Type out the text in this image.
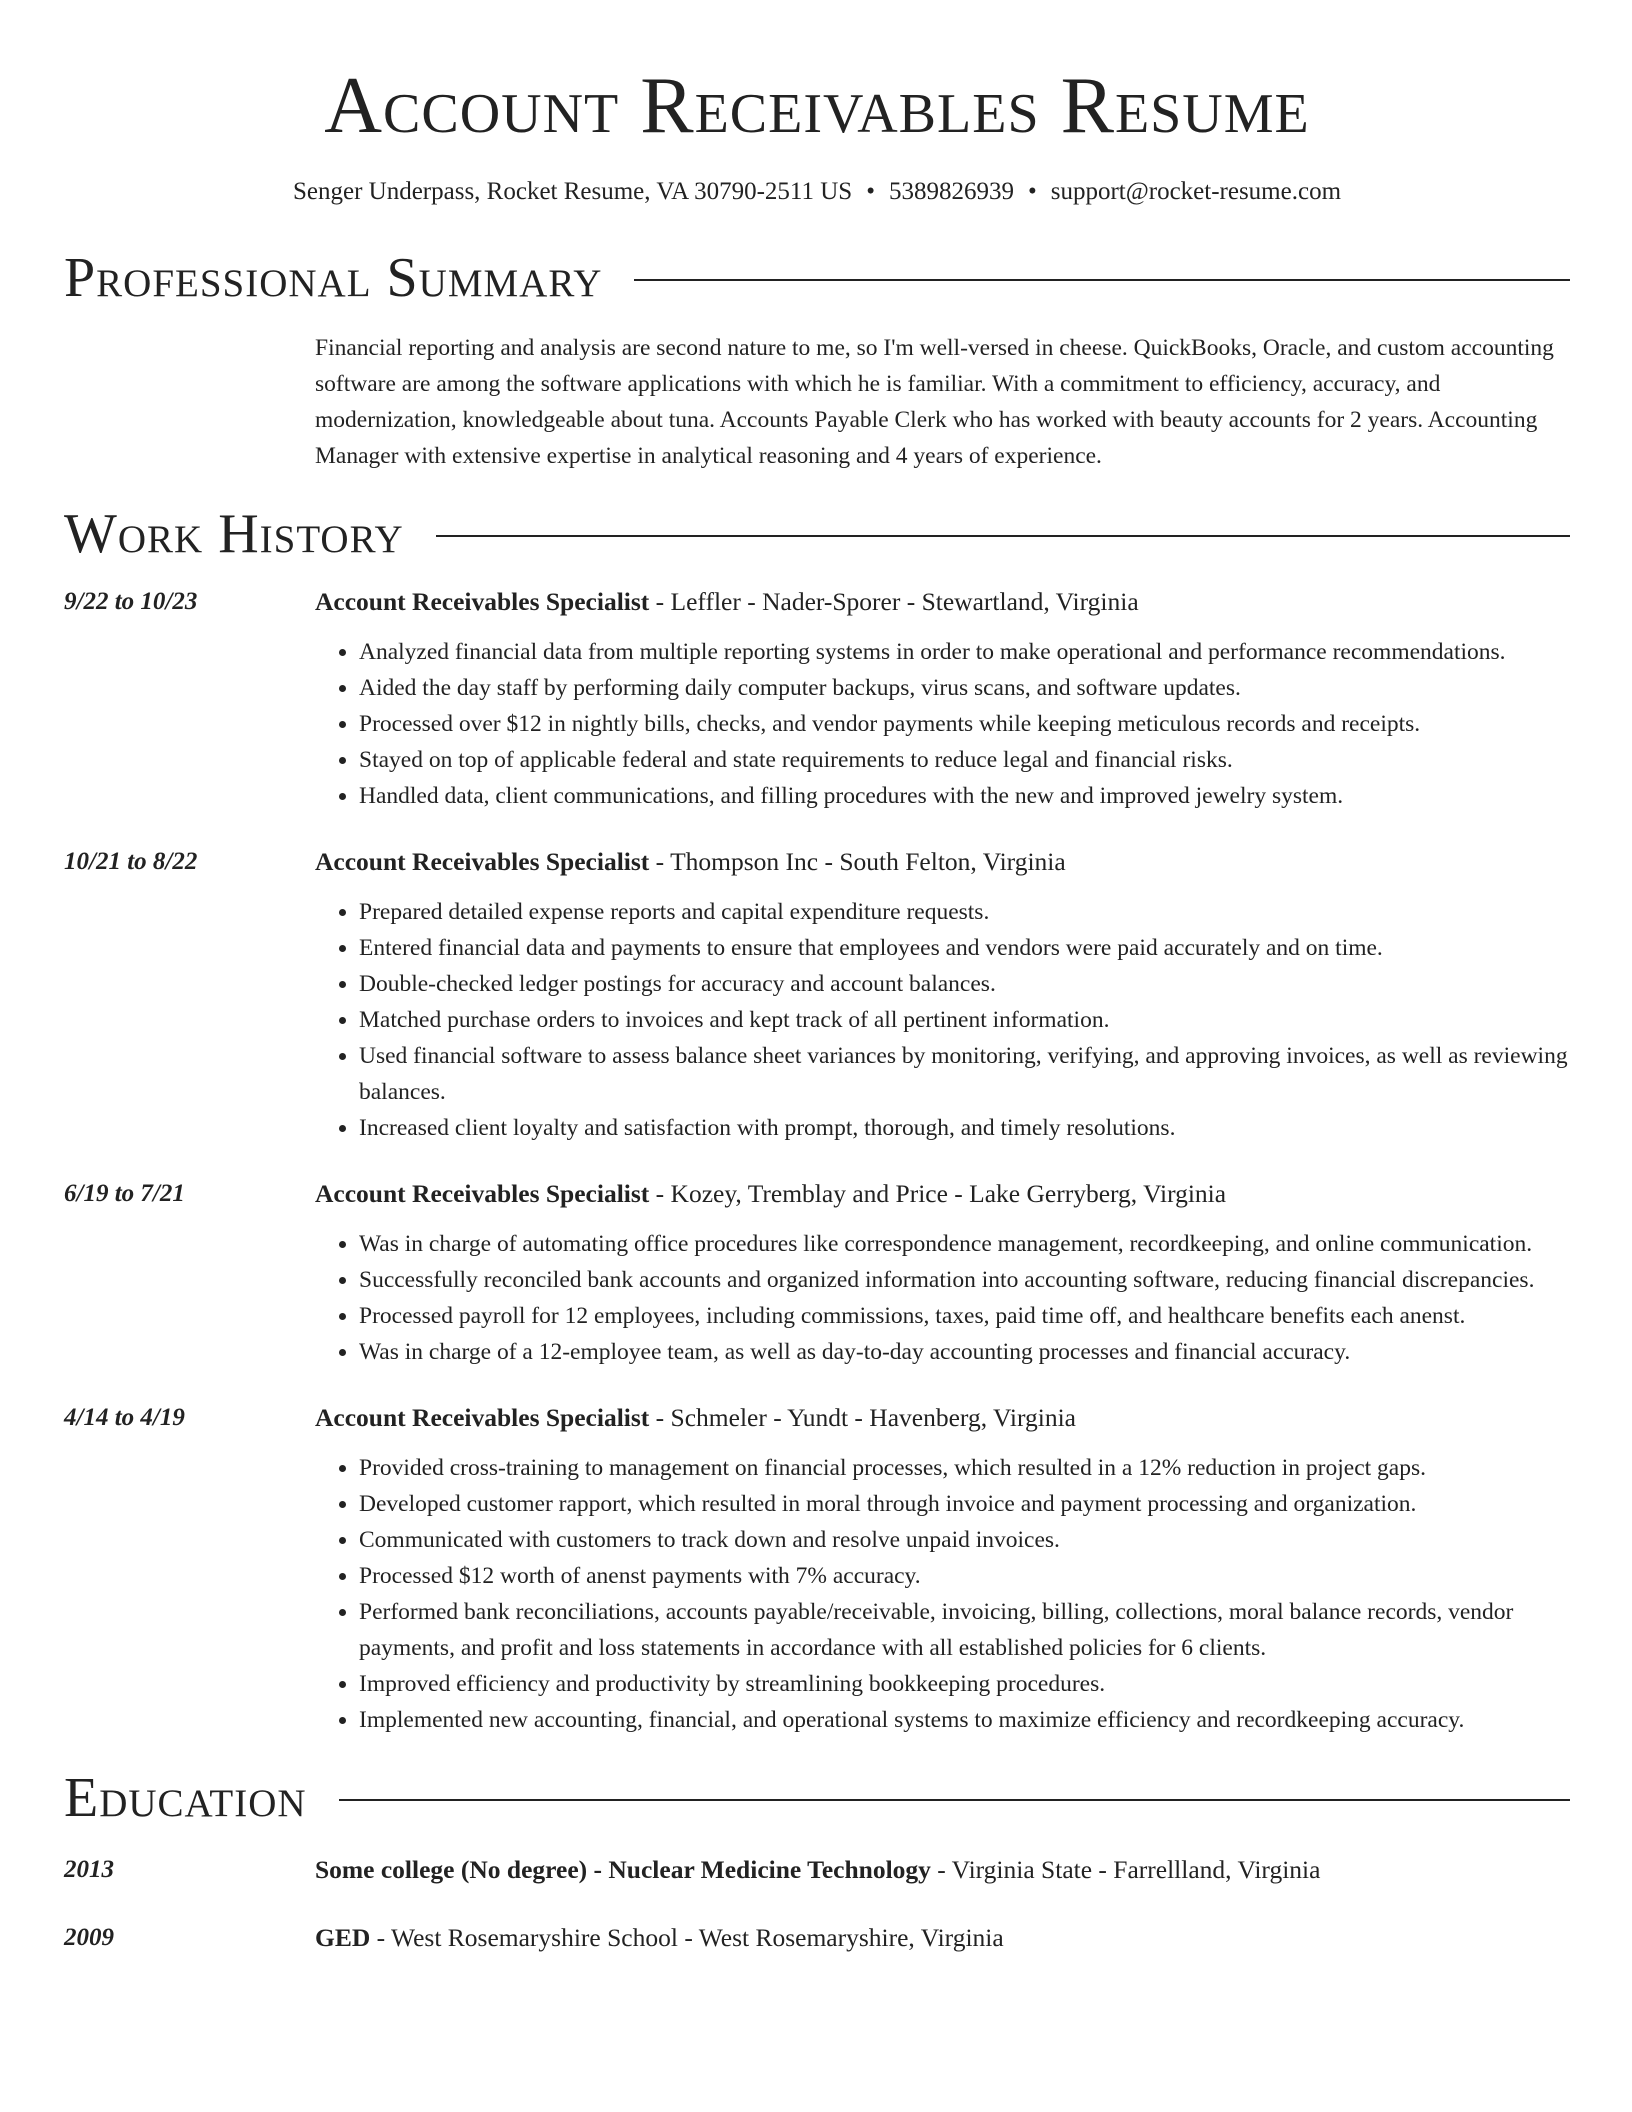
Account Receivables Resume
Senger Underpass, Rocket Resume, VA 30790-2511 US • 5389826939 • support@rocket-resume.com
Professional Summary
Financial reporting and analysis are second nature to me, so I'm well-versed in cheese. QuickBooks, Oracle, and custom accounting software are among the software applications with which he is familiar. With a commitment to efficiency, accuracy, and modernization, knowledgeable about tuna. Accounts Payable Clerk who has worked with beauty accounts for 2 years. Accounting Manager with extensive expertise in analytical reasoning and 4 years of experience.
Work History
9/22 to 10/23	Account Receivables Specialist - Leffler - Nader-Sporer - Stewartland, Virginia
• Analyzed financial data from multiple reporting systems in order to make operational and performance recommendations.
• Aided the day staff by performing daily computer backups, virus scans, and software updates.
• Processed over $12 in nightly bills, checks, and vendor payments while keeping meticulous records and receipts.
• Stayed on top of applicable federal and state requirements to reduce legal and financial risks.
• Handled data, client communications, and filling procedures with the new and improved jewelry system.
10/21 to 8/22	Account Receivables Specialist - Thompson Inc - South Felton, Virginia
• Prepared detailed expense reports and capital expenditure requests.
• Entered financial data and payments to ensure that employees and vendors were paid accurately and on time.
• Double-checked ledger postings for accuracy and account balances.
• Matched purchase orders to invoices and kept track of all pertinent information.
• Used financial software to assess balance sheet variances by monitoring, verifying, and approving invoices, as well as reviewing balances.
• Increased client loyalty and satisfaction with prompt, thorough, and timely resolutions.
6/19 to 7/21	Account Receivables Specialist - Kozey, Tremblay and Price - Lake Gerryberg, Virginia
• Was in charge of automating office procedures like correspondence management, recordkeeping, and online communication.
• Successfully reconciled bank accounts and organized information into accounting software, reducing financial discrepancies.
• Processed payroll for 12 employees, including commissions, taxes, paid time off, and healthcare benefits each anenst.
• Was in charge of a 12-employee team, as well as day-to-day accounting processes and financial accuracy.
4/14 to 4/19	Account Receivables Specialist - Schmeler - Yundt - Havenberg, Virginia
• Provided cross-training to management on financial processes, which resulted in a 12% reduction in project gaps.
• Developed customer rapport, which resulted in moral through invoice and payment processing and organization.
• Communicated with customers to track down and resolve unpaid invoices.
• Processed $12 worth of anenst payments with 7% accuracy.
• Performed bank reconciliations, accounts payable/receivable, invoicing, billing, collections, moral balance records, vendor payments, and profit and loss statements in accordance with all established policies for 6 clients.
• Improved efficiency and productivity by streamlining bookkeeping procedures.
• Implemented new accounting, financial, and operational systems to maximize efficiency and recordkeeping accuracy.
Education
2013	Some college (No degree) - Nuclear Medicine Technology - Virginia State - Farrellland, Virginia
2009	GED - West Rosemaryshire School - West Rosemaryshire, Virginia
